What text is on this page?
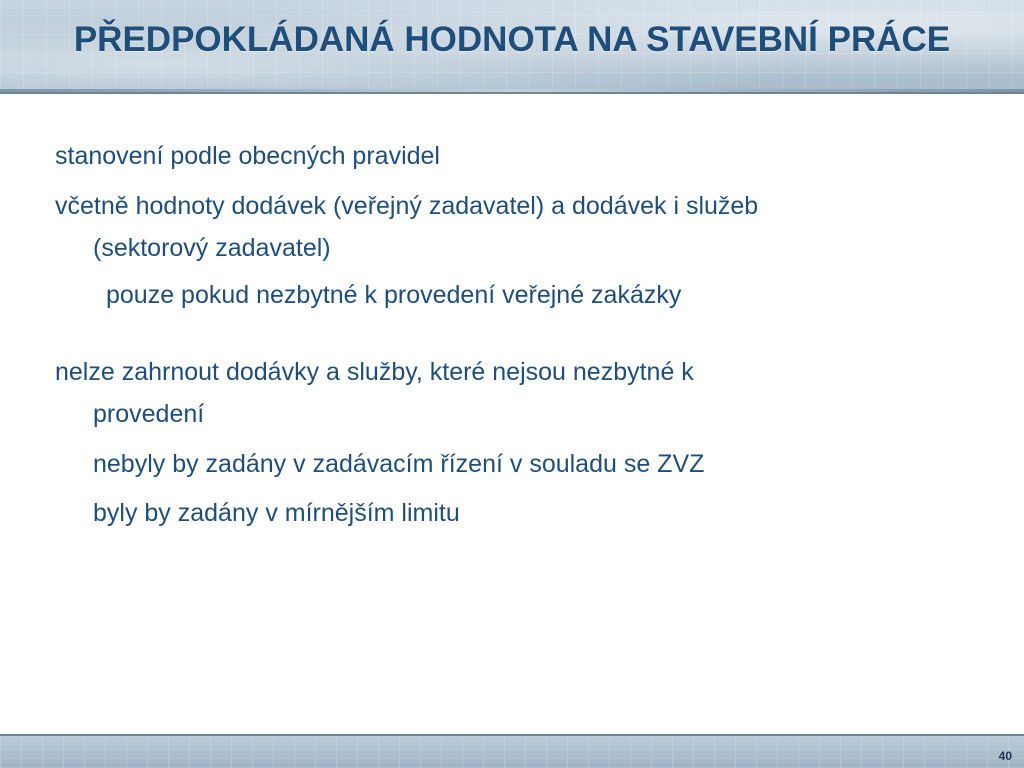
PŘEDPOKLÁDANÁ HODNOTA NA STAVEBNÍ PRÁCE
stanovení podle obecných pravidel
včetně hodnoty dodávek (veřejný zadavatel) a dodávek i služeb
(sektorový zadavatel)
pouze pokud nezbytné k provedení veřejné zakázky
nelze zahrnout dodávky a služby, které nejsou nezbytné k
provedení
nebyly by zadány v zadávacím řízení v souladu se ZVZ
byly by zadány v mírnějším limitu
40
